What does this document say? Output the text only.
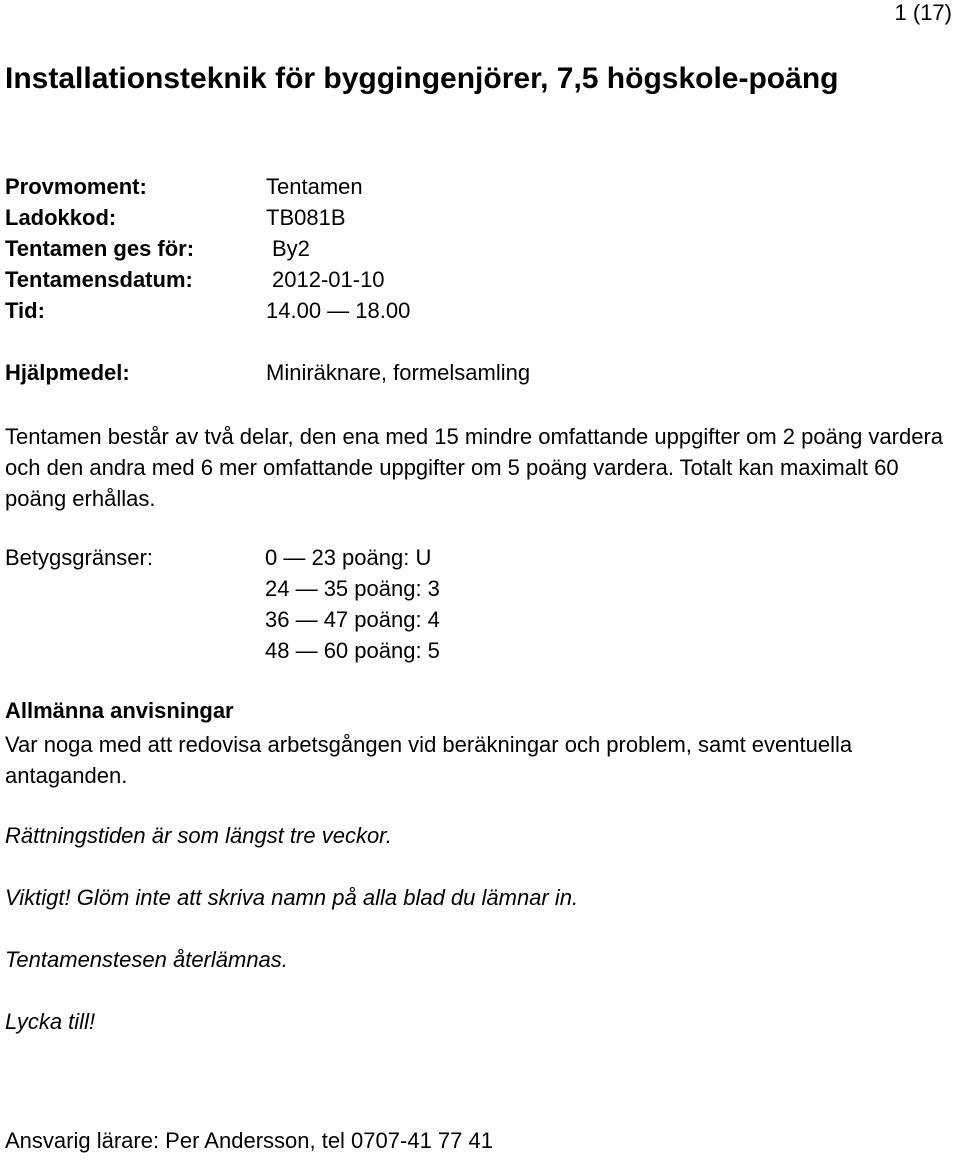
1 (17)
Installationsteknik för byggingenjörer, 7,5 högskole-poäng
Provmoment:	Tentamen
Ladokkod:	TB081B
Tentamen ges för:	By2
Tentamensdatum:	2012-01-10
Tid:	14.00 — 18.00
Hjälpmedel:	Miniräknare, formelsamling
Tentamen består av två delar, den ena med 15 mindre omfattande uppgifter om 2 poäng vardera och den andra med 6 mer omfattande uppgifter om 5 poäng vardera. Totalt kan maximalt 60 poäng erhållas.
Betygsgränser:	0 — 23 poäng: U
24 — 35 poäng: 3
36 — 47 poäng: 4
48 — 60 poäng: 5
Allmänna anvisningar
Var noga med att redovisa arbetsgången vid beräkningar och problem, samt eventuella antaganden.
Rättningstiden är som längst tre veckor.
Viktigt! Glöm inte att skriva namn på alla blad du lämnar in.
Tentamenstesen återlämnas.
Lycka till!
Ansvarig lärare: Per Andersson, tel 0707-41 77 41
